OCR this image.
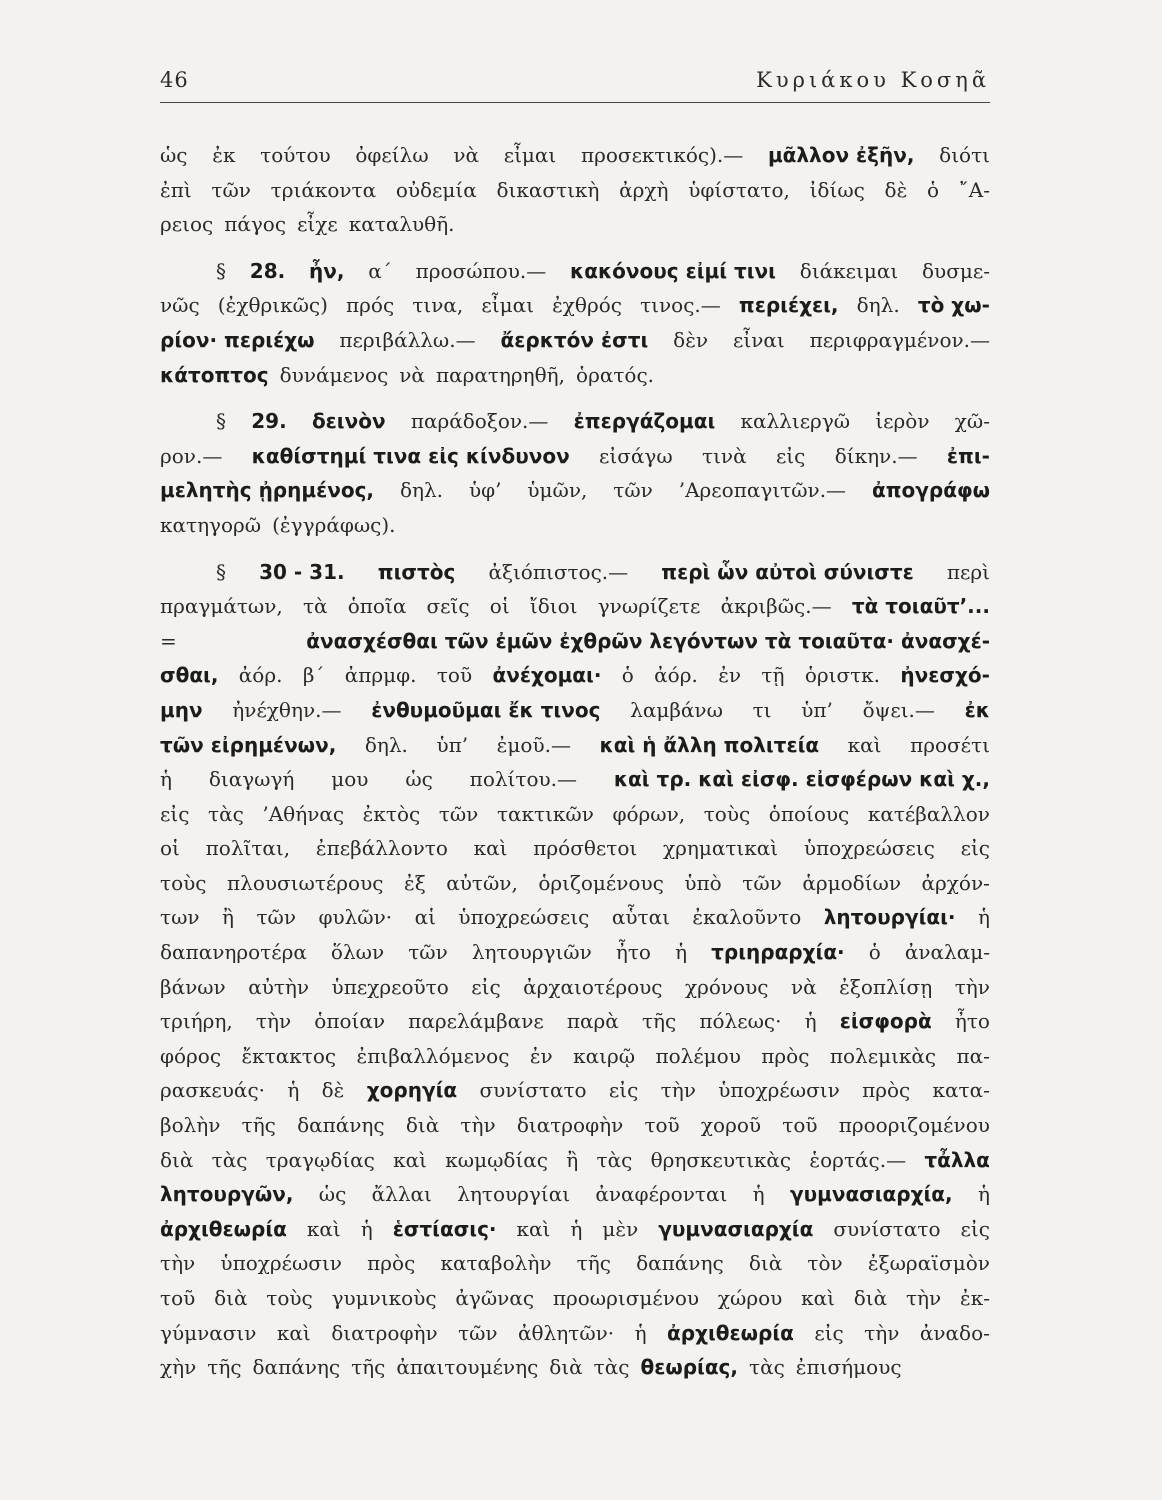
46	Κυριάκου Κοσηᾶ
ὡς ἐκ τούτου ὀφείλω νὰ εἶμαι προσεκτικός).— μᾶλλον ἐξῆν, διότι
ἐπὶ τῶν τριάκοντα οὐδεμία δικαστικὴ ἀρχὴ ὑφίστατο, ἰδίως δὲ ὁ ῎Α-
ρειος πάγος εἶχε καταλυθῆ.
§ 28. ἦν, α΄ προσώπου.— κακόνους εἰμί τινι διάκειμαι δυσμε-
νῶς (ἐχθρικῶς) πρός τινα, εἶμαι ἐχθρός τινος.— περιέχει, δηλ. τὸ χω-
ρίον· περιέχω περιβάλλω.— ἄερκτόν ἐστι δὲν εἶναι περιφραγμένον.—
κάτοπτος δυνάμενος νὰ παρατηρηθῆ, ὁρατός.
§ 29. δεινὸν παράδοξον.— ἐπεργάζομαι καλλιεργῶ ἱερὸν χῶ-
ρον.— καθίστημί τινα εἰς κίνδυνον εἰσάγω τινὰ εἰς δίκην.— ἐπι-
μελητὴς ᾐρημένος, δηλ. ὑφ’ ὑμῶν, τῶν ’Αρεοπαγιτῶν.— ἀπογράφω
κατηγορῶ (ἐγγράφως).
§ 30 - 31. πιστὸς ἀξιόπιστος.— περὶ ὧν αὐτοὶ σύνιστε περὶ
πραγμάτων, τὰ ὁποῖα σεῖς οἱ ἴδιοι γνωρίζετε ἀκριβῶς.— τὰ τοιαῦτ’...
=	ἀνασχέσθαι τῶν ἐμῶν ἐχθρῶν λεγόντων τὰ τοιαῦτα· ἀνασχέ-
σθαι, ἀόρ. β΄ ἀπρμφ. τοῦ ἀνέχομαι· ὁ ἀόρ. ἐν τῇ ὁριστκ. ἠνεσχό-
μην ἠνέχθην.— ἐνθυμοῦμαι ἔκ τινος λαμβάνω τι ὑπ’ ὄψει.— ἐκ
τῶν εἰρημένων, δηλ. ὑπ’ ἐμοῦ.— καὶ ἡ ἄλλη πολιτεία καὶ προσέτι
ἡ διαγωγή μου ὡς πολίτου.— καὶ τρ. καὶ εἰσφ. εἰσφέρων καὶ χ.,
εἰς τὰς ’Αθήνας ἐκτὸς τῶν τακτικῶν φόρων, τοὺς ὁποίους κατέβαλλον
οἱ πολῖται, ἐπεβάλλοντο καὶ πρόσθετοι χρηματικαὶ ὑποχρεώσεις εἰς
τοὺς πλουσιωτέρους ἐξ αὐτῶν, ὁριζομένους ὑπὸ τῶν ἁρμοδίων ἀρχόν-
των ἢ τῶν φυλῶν· αἱ ὑποχρεώσεις αὗται ἐκαλοῦντο λητουργίαι· ἡ
δαπανηροτέρα ὅλων τῶν λητουργιῶν ἦτο ἡ τριηραρχία· ὁ ἀναλαμ-
βάνων αὐτὴν ὑπεχρεοῦτο εἰς ἀρχαιοτέρους χρόνους νὰ ἐξοπλίσῃ τὴν
τριήρη, τὴν ὁποίαν παρελάμβανε παρὰ τῆς πόλεως· ἡ εἰσφορὰ ἦτο
φόρος ἔκτακτος ἐπιβαλλόμενος ἐν καιρῷ πολέμου πρὸς πολεμικὰς πα-
ρασκευάς· ἡ δὲ χορηγία συνίστατο εἰς τὴν ὑποχρέωσιν πρὸς κατα-
βολὴν τῆς δαπάνης διὰ τὴν διατροφὴν τοῦ χοροῦ τοῦ προοριζομένου
διὰ τὰς τραγῳδίας καὶ κωμῳδίας ἢ τὰς θρησκευτικὰς ἑορτάς.— τἆλλα
λητουργῶν, ὡς ἄλλαι λητουργίαι ἀναφέρονται ἡ γυμνασιαρχία, ἡ
ἀρχιθεωρία καὶ ἡ ἑστίασις· καὶ ἡ μὲν γυμνασιαρχία συνίστατο εἰς
τὴν ὑποχρέωσιν πρὸς καταβολὴν τῆς δαπάνης διὰ τὸν ἐξωραϊσμὸν
τοῦ διὰ τοὺς γυμνικοὺς ἀγῶνας προωρισμένου χώρου καὶ διὰ τὴν ἐκ-
γύμνασιν καὶ διατροφὴν τῶν ἀθλητῶν· ἡ ἀρχιθεωρία εἰς τὴν ἀναδο-
χὴν τῆς δαπάνης τῆς ἀπαιτουμένης διὰ τὰς θεωρίας, τὰς ἐπισήμους
